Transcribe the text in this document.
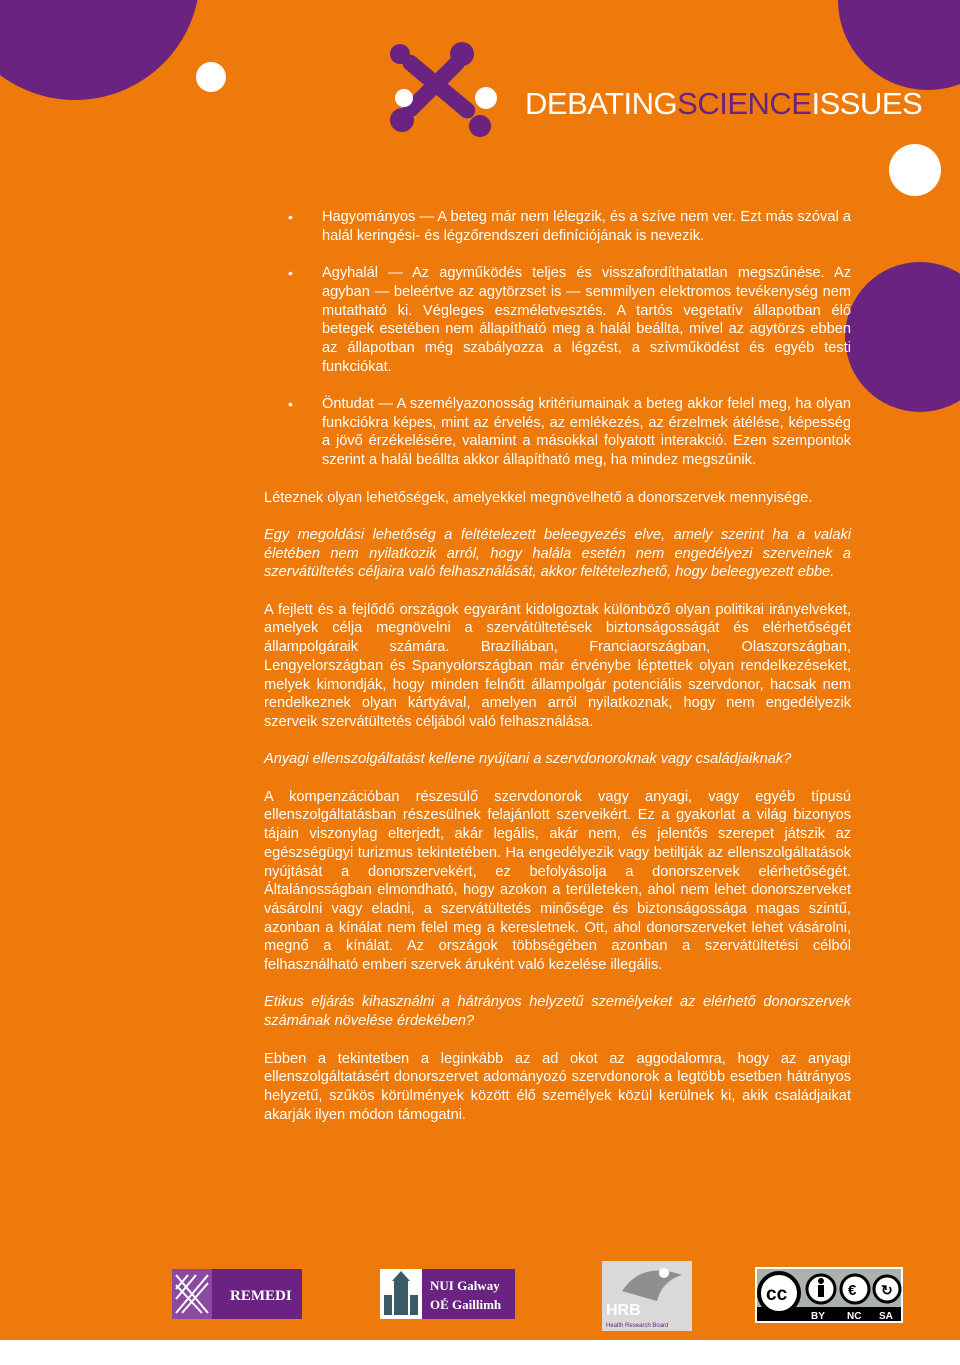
DEBATINGSCIENCEISSUES
• Hagyományos — A beteg már nem lélegzik, és a szíve nem ver. Ezt más szóval a halál keringési- és légzőrendszeri definíciójának is nevezik.
• Agyhalál — Az agyműködés teljes és visszafordíthatatlan megszűnése. Az agyban — beleértve az agytörzset is — semmilyen elektromos tevékenység nem mutatható ki. Végleges eszméletvesztés. A tartós vegetatív állapotban élő betegek esetében nem állapítható meg a halál beállta, mivel az agytörzs ebben az állapotban még szabályozza a légzést, a szívműködést és egyéb testi funkciókat.
• Öntudat — A személyazonosság kritériumainak a beteg akkor felel meg, ha olyan funkciókra képes, mint az érvelés, az emlékezés, az érzelmek átélése, képesség a jövő érzékelésére, valamint a másokkal folyatott interakció. Ezen szempontok szerint a halál beállta akkor állapítható meg, ha mindez megszűnik.

Léteznek olyan lehetőségek, amelyekkel megnövelhető a donorszervek mennyisége.

Egy megoldási lehetőség a feltételezett beleegyezés elve, amely szerint ha a valaki életében nem nyilatkozik arról, hogy halála esetén nem engedélyezi szerveinek a szervátültetés céljaira való felhasználását, akkor feltételezhető, hogy beleegyezett ebbe.

A fejlett és a fejlődő országok egyaránt kidolgoztak különböző olyan politikai irányelveket, amelyek célja megnövelni a szervátültetések biztonságosságát és elérhetőségét állampolgáraik számára. Brazíliában, Franciaországban, Olaszországban, Lengyelországban és Spanyolországban már érvénybe léptettek olyan rendelkezéseket, melyek kimondják, hogy minden felnőtt állampolgár potenciális szervdonor, hacsak nem rendelkeznek olyan kártyával, amelyen arról nyilatkoznak, hogy nem engedélyezik szerveik szervátültetés céljából való felhasználása.

Anyagi ellenszolgáltatást kellene nyújtani a szervdonoroknak vagy családjaiknak?

A kompenzációban részesülő szervdonorok vagy anyagi, vagy egyéb típusú ellenszolgáltatásban részesülnek felajánlott szerveikért. Ez a gyakorlat a világ bizonyos tájain viszonylag elterjedt, akár legális, akár nem, és jelentős szerepet játszik az egészségügyi turizmus tekintetében. Ha engedélyezik vagy betiltják az ellenszolgáltatások nyújtását a donorszervekért, ez befolyásolja a donorszervek elérhetőségét. Általánosságban elmondható, hogy azokon a területeken, ahol nem lehet donorszerveket vásárolni vagy eladni, a szervátültetés minősége és biztonságossága magas szintű, azonban a kínálat nem felel meg a keresletnek. Ott, ahol donorszerveket lehet vásárolni, megnő a kínálat. Az országok többségében azonban a szervátültetési célból felhasználható emberi szervek áruként való kezelése illegális.

Etikus eljárás kihasználni a hátrányos helyzetű személyeket az elérhető donorszervek számának növelése érdekében?

Ebben a tekintetben a leginkább az ad okot az aggodalomra, hogy az anyagi ellenszolgáltatásért donorszervet adományozó szervdonorok a legtöbb esetben hátrányos helyzetű, szűkös körülmények között élő személyek közül kerülnek ki, akik családjaikat akarják ilyen módon támogatni.

REMEDI
NUI Galway
OÉ Gaillimh	HRB
Health Research Board
cc	€ ↻
BY NC SA
